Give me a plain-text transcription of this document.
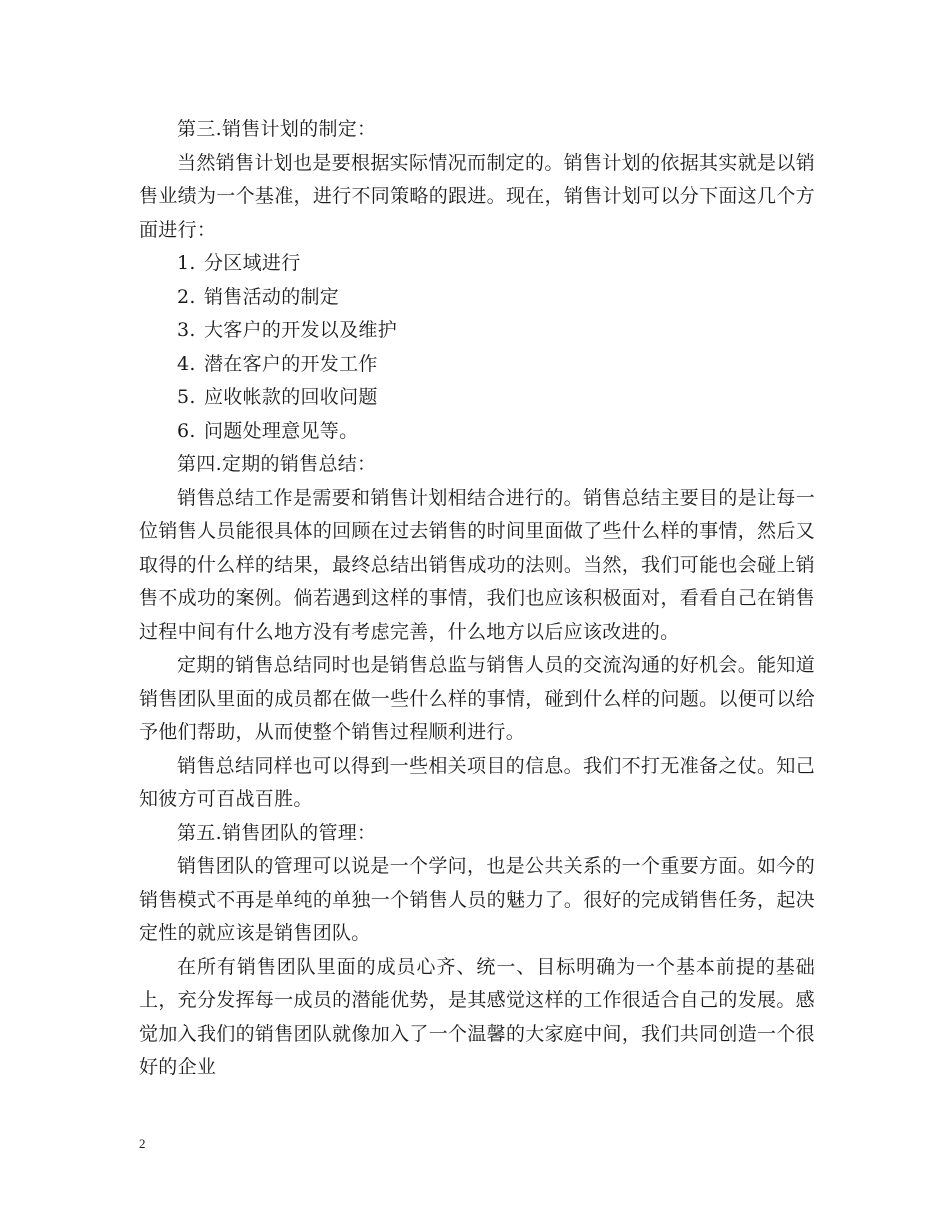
第三.销售计划的制定：

当然销售计划也是要根据实际情况而制定的。销售计划的依据其实就是以销售业绩为一个基准，进行不同策略的跟进。现在，销售计划可以分下面这几个方面进行：

1. 分区域进行
2. 销售活动的制定
3. 大客户的开发以及维护
4. 潜在客户的开发工作
5. 应收帐款的回收问题
6. 问题处理意见等。

第四.定期的销售总结：

销售总结工作是需要和销售计划相结合进行的。销售总结主要目的是让每一位销售人员能很具体的回顾在过去销售的时间里面做了些什么样的事情，然后又取得的什么样的结果，最终总结出销售成功的法则。当然，我们可能也会碰上销售不成功的案例。倘若遇到这样的事情，我们也应该积极面对，看看自己在销售过程中间有什么地方没有考虑完善，什么地方以后应该改进的。

定期的销售总结同时也是销售总监与销售人员的交流沟通的好机会。能知道销售团队里面的成员都在做一些什么样的事情，碰到什么样的问题。以便可以给予他们帮助，从而使整个销售过程顺利进行。

销售总结同样也可以得到一些相关项目的信息。我们不打无准备之仗。知己知彼方可百战百胜。

第五.销售团队的管理：

销售团队的管理可以说是一个学问，也是公共关系的一个重要方面。如今的销售模式不再是单纯的单独一个销售人员的魅力了。很好的完成销售任务，起决定性的就应该是销售团队。

在所有销售团队里面的成员心齐、统一、目标明确为一个基本前提的基础上，充分发挥每一成员的潜能优势，是其感觉这样的工作很适合自己的发展。感觉加入我们的销售团队就像加入了一个温馨的大家庭中间，我们共同创造一个很好的企业

2
